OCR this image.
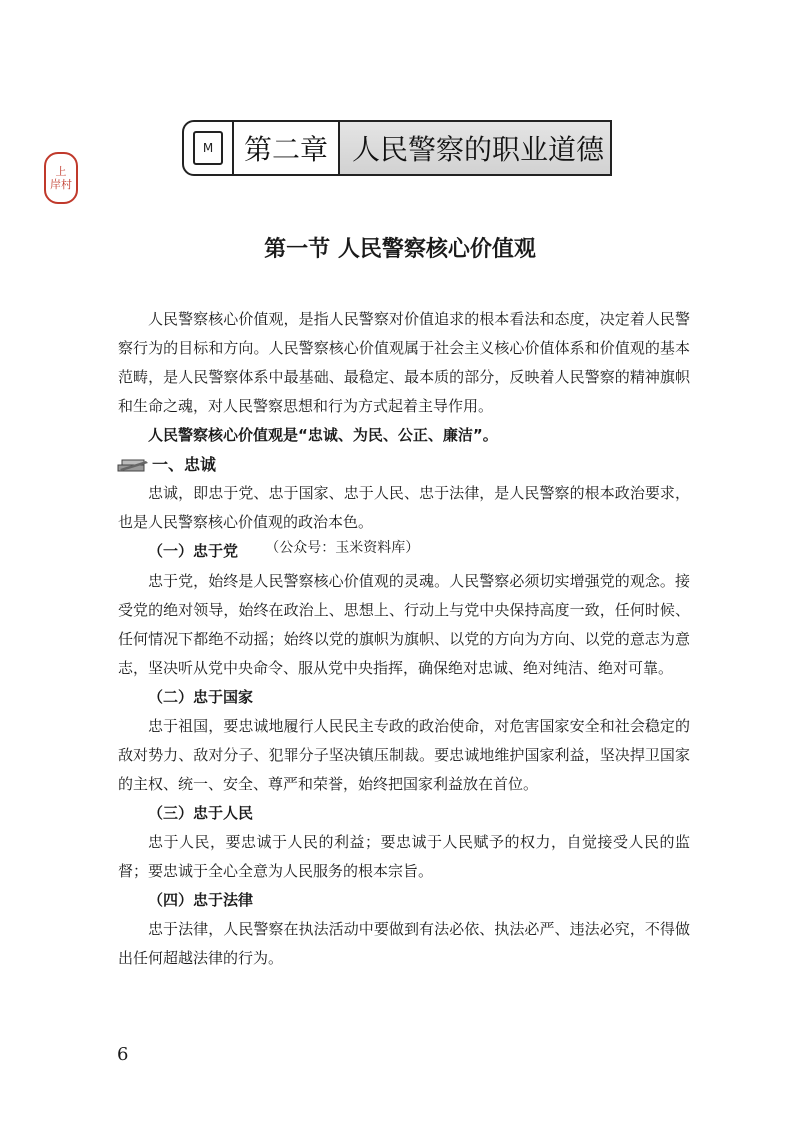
上
岸村
M	第二章 人民警察的职业道德
第一节 人民警察核心价值观

人民警察核心价值观，是指人民警察对价值追求的根本看法和态度，决定着人民警察行为的目标和方向。人民警察核心价值观属于社会主义核心价值体系和价值观的基本范畴，是人民警察体系中最基础、最稳定、最本质的部分，反映着人民警察的精神旗帜和生命之魂，对人民警察思想和行为方式起着主导作用。

人民警察核心价值观是“忠诚、为民、公正、廉洁”。

一、忠诚

忠诚，即忠于党、忠于国家、忠于人民、忠于法律，是人民警察的根本政治要求，也是人民警察核心价值观的政治本色。

（一）忠于党 （公众号：玉米资料库）

忠于党，始终是人民警察核心价值观的灵魂。人民警察必须切实增强党的观念。接受党的绝对领导，始终在政治上、思想上、行动上与党中央保持高度一致，任何时候、任何情况下都绝不动摇；始终以党的旗帜为旗帜、以党的方向为方向、以党的意志为意志，坚决听从党中央命令、服从党中央指挥，确保绝对忠诚、绝对纯洁、绝对可靠。

（二）忠于国家

忠于祖国，要忠诚地履行人民民主专政的政治使命，对危害国家安全和社会稳定的敌对势力、敌对分子、犯罪分子坚决镇压制裁。要忠诚地维护国家利益，坚决捍卫国家的主权、统一、安全、尊严和荣誉，始终把国家利益放在首位。

（三）忠于人民

忠于人民，要忠诚于人民的利益；要忠诚于人民赋予的权力，自觉接受人民的监督；要忠诚于全心全意为人民服务的根本宗旨。

（四）忠于法律

忠于法律，人民警察在执法活动中要做到有法必依、执法必严、违法必究，不得做出任何超越法律的行为。

6
